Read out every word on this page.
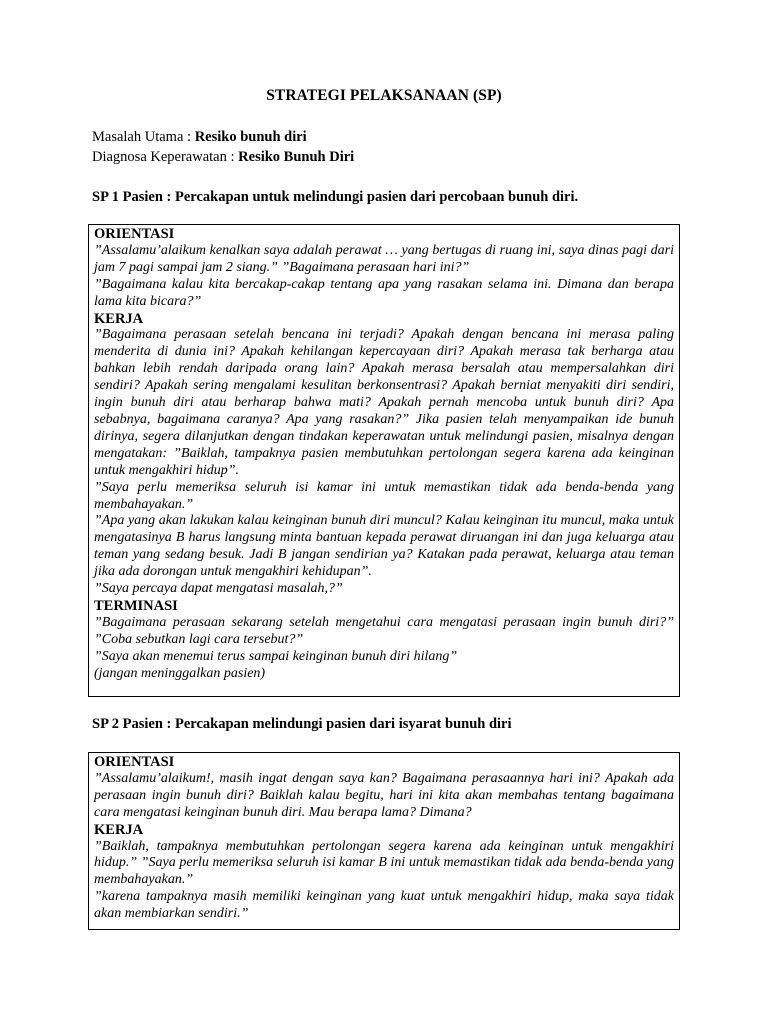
STRATEGI PELAKSANAAN (SP)
Masalah Utama : Resiko bunuh diri
Diagnosa Keperawatan : Resiko Bunuh Diri
SP 1 Pasien : Percakapan untuk melindungi pasien dari percobaan bunuh diri.

ORIENTASI

”Assalamu’alaikum kenalkan saya adalah perawat … yang bertugas di ruang ini, saya dinas pagi dari jam 7 pagi sampai jam 2 siang.” ”Bagaimana perasaan hari ini?”

”Bagaimana kalau kita bercakap-cakap tentang apa yang rasakan selama ini. Dimana dan berapa lama kita bicara?”

KERJA

”Bagaimana perasaan setelah bencana ini terjadi? Apakah dengan bencana ini merasa paling menderita di dunia ini? Apakah kehilangan kepercayaan diri? Apakah merasa tak berharga atau bahkan lebih rendah daripada orang lain? Apakah merasa bersalah atau mempersalahkan diri sendiri? Apakah sering mengalami kesulitan berkonsentrasi? Apakah berniat menyakiti diri sendiri, ingin bunuh diri atau berharap bahwa mati? Apakah pernah mencoba untuk bunuh diri? Apa sebabnya, bagaimana caranya? Apa yang rasakan?” Jika pasien telah menyampaikan ide bunuh dirinya, segera dilanjutkan dengan tindakan keperawatan untuk melindungi pasien, misalnya dengan mengatakan: ”Baiklah, tampaknya pasien membutuhkan pertolongan segera karena ada keinginan untuk mengakhiri hidup”.

”Saya perlu memeriksa seluruh isi kamar ini untuk memastikan tidak ada benda-benda yang membahayakan.”

”Apa yang akan lakukan kalau keinginan bunuh diri muncul? Kalau keinginan itu muncul, maka untuk mengatasinya B harus langsung minta bantuan kepada perawat diruangan ini dan juga keluarga atau teman yang sedang besuk. Jadi B jangan sendirian ya? Katakan pada perawat, keluarga atau teman jika ada dorongan untuk mengakhiri kehidupan”.

”Saya percaya dapat mengatasi masalah,?”

TERMINASI

”Bagaimana perasaan sekarang setelah mengetahui cara mengatasi perasaan ingin bunuh diri?” ”Coba sebutkan lagi cara tersebut?”

”Saya akan menemui terus sampai keinginan bunuh diri hilang”

(jangan meninggalkan pasien)

SP 2 Pasien : Percakapan melindungi pasien dari isyarat bunuh diri

ORIENTASI

”Assalamu’alaikum!, masih ingat dengan saya kan? Bagaimana perasaannya hari ini? Apakah ada perasaan ingin bunuh diri? Baiklah kalau begitu, hari ini kita akan membahas tentang bagaimana cara mengatasi keinginan bunuh diri. Mau berapa lama? Dimana?

KERJA

”Baiklah, tampaknya membutuhkan pertolongan segera karena ada keinginan untuk mengakhiri hidup.” ”Saya perlu memeriksa seluruh isi kamar B ini untuk memastikan tidak ada benda-benda yang membahayakan.”

”karena tampaknya masih memiliki keinginan yang kuat untuk mengakhiri hidup, maka saya tidak akan membiarkan sendiri.”
